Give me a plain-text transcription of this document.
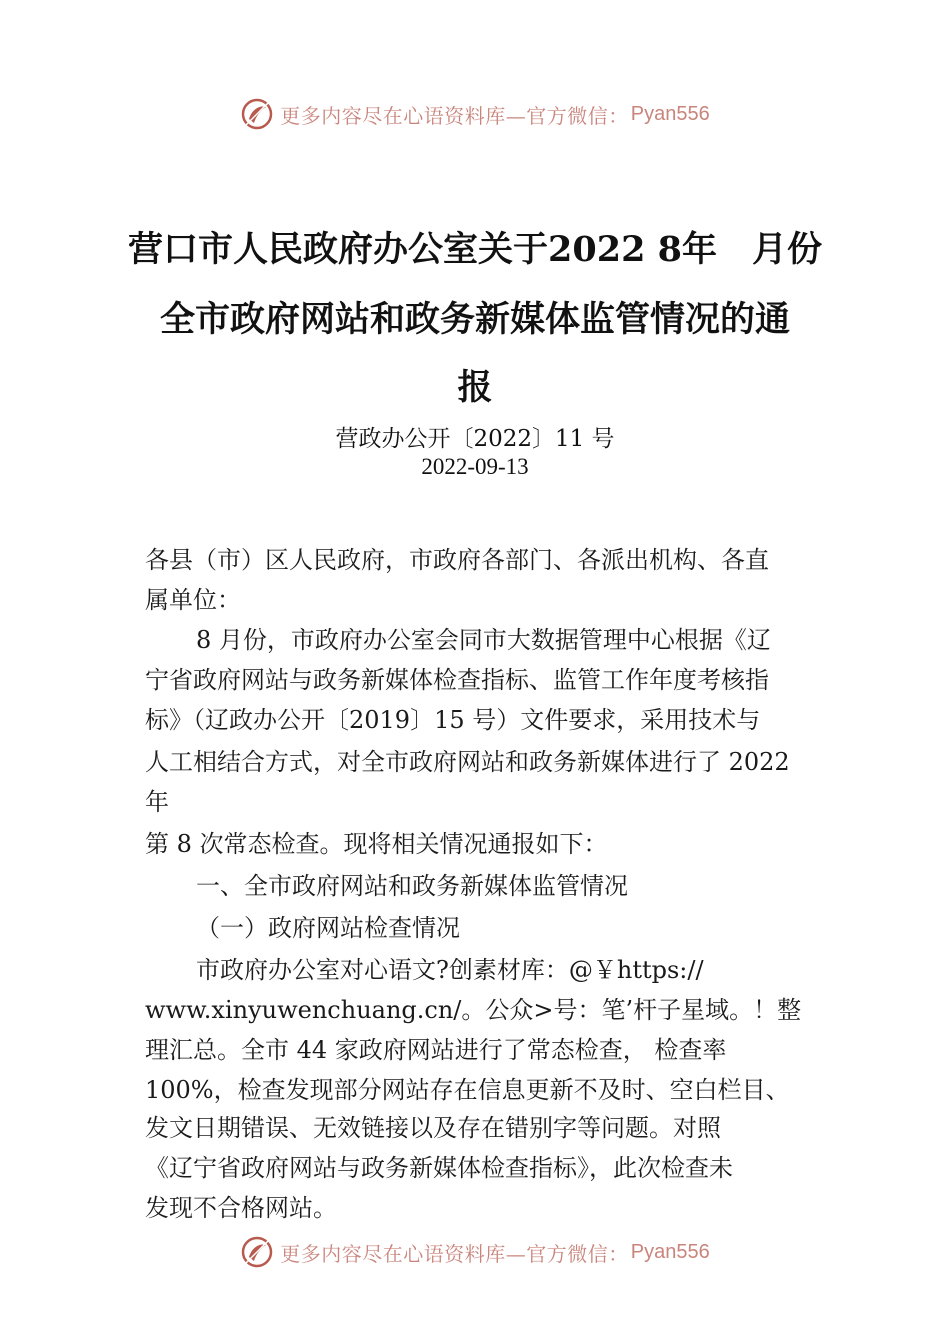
更多内容尽在心语资料库—官方微信： Pyan556
营口市人民政府办公室关于2022 8年　月份
全市政府网站和政务新媒体监管情况的通
报
营政办公开〔2022〕11 号
2022-09-13
各县（市）区人民政府，市政府各部门、各派出机构、各直
属单位：
8 月份，市政府办公室会同市大数据管理中心根据《辽
宁省政府网站与政务新媒体检查指标、监管工作年度考核指
标》（辽政办公开〔2019〕15 号）文件要求，采用技术与
人工相结合方式，对全市政府网站和政务新媒体进行了 2022
年
第 8 次常态检查。现将相关情况通报如下：
一、全市政府网站和政务新媒体监管情况
（一）政府网站检查情况
市政府办公室对心语文?创素材库：@￥https://
www.xinyuwenchuang.cn/。公众>号：笔’杆子星域。！整
理汇总。全市 44 家政府网站进行了常态检查， 检查率
100%，检查发现部分网站存在信息更新不及时、空白栏目、
发文日期错误、无效链接以及存在错别字等问题。对照
《辽宁省政府网站与政务新媒体检查指标》，此次检查未
发现不合格网站。
更多内容尽在心语资料库—官方微信： Pyan556
